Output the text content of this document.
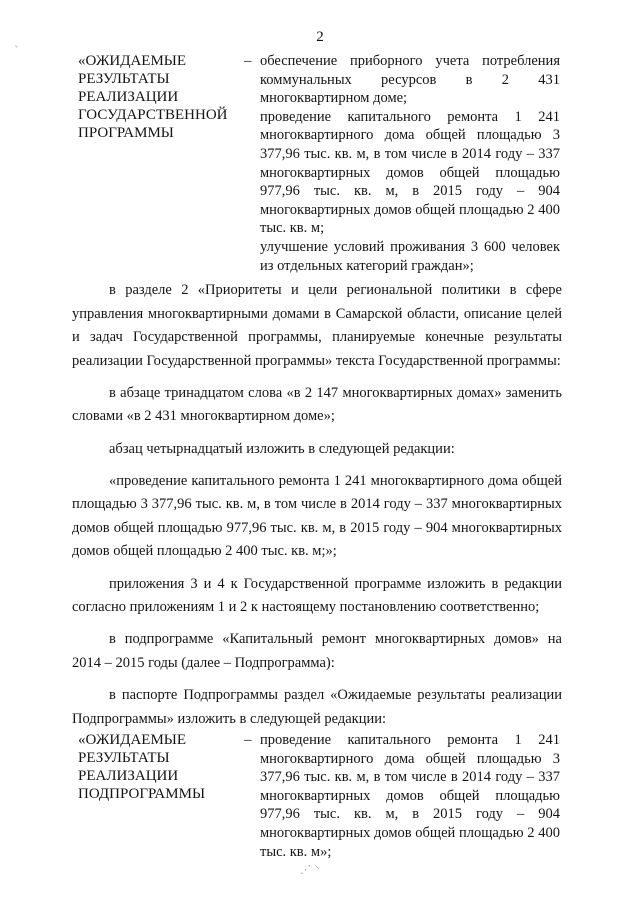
2
«ОЖИДАЕМЫЕ
РЕЗУЛЬТАТЫ
РЕАЛИЗАЦИИ
ГОСУДАРСТВЕННОЙ
ПРОГРАММЫ
– обеспечение приборного учета потребления коммунальных ресурсов в 2 431 многоквартирном доме;
проведение капитального ремонта 1 241 многоквартирного дома общей площадью 3 377,96 тыс. кв. м, в том числе в 2014 году – 337 многоквартирных домов общей площадью 977,96 тыс. кв. м, в 2015 году – 904 многоквартирных домов общей площадью 2 400 тыс. кв. м;
улучшение условий проживания 3 600 человек из отдельных категорий граждан»;

в разделе 2 «Приоритеты и цели региональной политики в сфере управления многоквартирными домами в Самарской области, описание целей и задач Государственной программы, планируемые конечные результаты реализации Государственной программы» текста Государственной программы:

в абзаце тринадцатом слова «в 2 147 многоквартирных домах» заменить словами «в 2 431 многоквартирном доме»;

абзац четырнадцатый изложить в следующей редакции:

«проведение капитального ремонта 1 241 многоквартирного дома общей площадью 3 377,96 тыс. кв. м, в том числе в 2014 году – 337 многоквартирных домов общей площадью 977,96 тыс. кв. м, в 2015 году – 904 многоквартирных домов общей площадью 2 400 тыс. кв. м;»;

приложения 3 и 4 к Государственной программе изложить в редакции согласно приложениям 1 и 2 к настоящему постановлению соответственно;

в подпрограмме «Капитальный ремонт многоквартирных домов» на 2014 – 2015 годы (далее – Подпрограмма):

в паспорте Подпрограммы раздел «Ожидаемые результаты реализации Подпрограммы» изложить в следующей редакции:

«ОЖИДАЕМЫЕ
РЕЗУЛЬТАТЫ
РЕАЛИЗАЦИИ
ПОДПРОГРАММЫ
– проведение капитального ремонта 1 241 многоквартирного дома общей площадью 3 377,96 тыс. кв. м, в том числе в 2014 году – 337 многоквартирных домов общей площадью 977,96 тыс. кв. м, в 2015 году – 904 многоквартирных домов общей площадью 2 400 тыс. кв. м»;
ˋ
⋰ ⸌
